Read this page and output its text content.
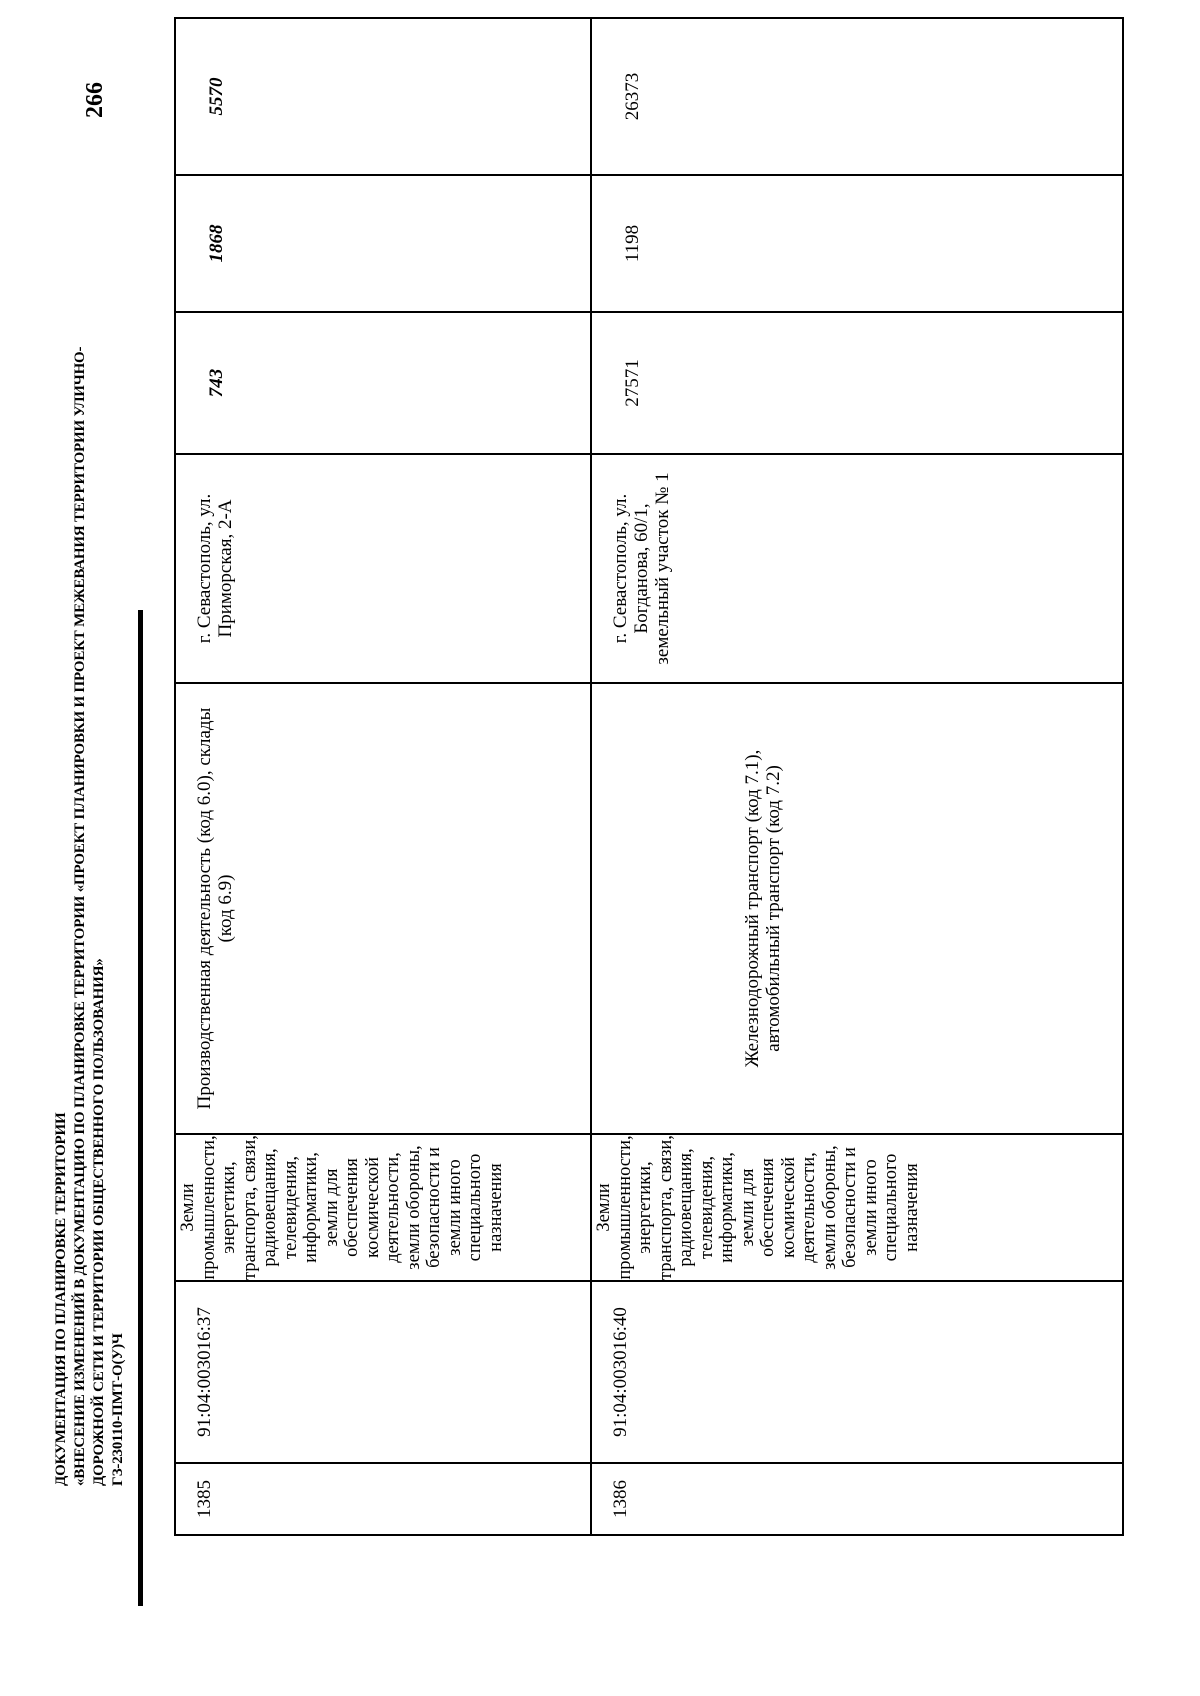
266
ДОКУМЕНТАЦИЯ ПО ПЛАНИРОВКЕ ТЕРРИТОРИИ «ВНЕСЕНИЕ ИЗМЕНЕНИЙ В ДОКУМЕНТАЦИЮ ПО ПЛАНИРОВКЕ ТЕРРИТОРИИ «ПРОЕКТ ПЛАНИРОВКИ И ПРОЕКТ МЕЖЕВАНИЯ ТЕРРИТОРИИ УЛИЧНО- ДОРОЖНОЙ СЕТИ И ТЕРРИТОРИИ ОБЩЕСТВЕННОГО ПОЛЬЗОВАНИЯ» ГЗ-230110-ПМТ-О(У)Ч
1385	91:04:003016:37	Земли промышленности, энергетики, транспорта, связи, радиовещания, телевидения, информатики, земли для обеспечения космической деятельности, земли обороны, безопасности и земли иного специального назначения	Производственная деятельность (код 6.0), склады (код 6.9)	г. Севастополь, ул. Приморская, 2-А	743	1868	5570
1386	91:04:003016:40	Земли промышленности, энергетики, транспорта, связи, радиовещания, телевидения, информатики, земли для обеспечения космической деятельности, земли обороны, безопасности и земли иного специального назначения	Железнодорожный транспорт (код 7.1), автомобильный транспорт (код 7.2)	г. Севастополь, ул. Богданова, 60/1, земельный участок № 1	27571	1198	26373
